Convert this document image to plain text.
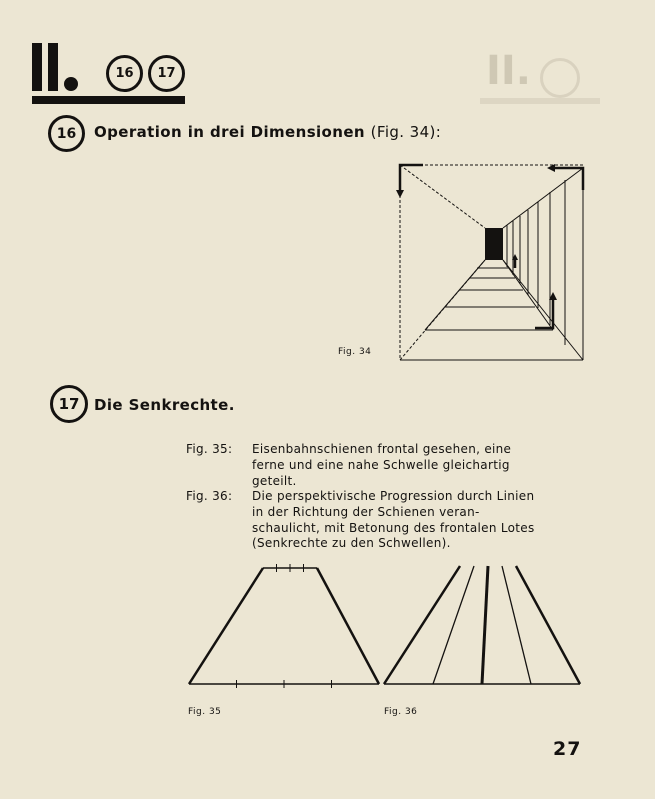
II.
16	17
16	Operation in drei Dimensionen (Fig. 34):
Fig. 34
17 Die Senkrechte.
Fig. 35: Eisenbahnschienen frontal gesehen, eine
ferne und eine nahe Schwelle gleichartig
geteilt.
Fig. 36: Die perspektivische Progression durch Linien
in der Richtung der Schienen veran-
schaulicht, mit Betonung des frontalen Lotes
(Senkrechte zu den Schwellen).
Fig. 35	Fig. 36
27
